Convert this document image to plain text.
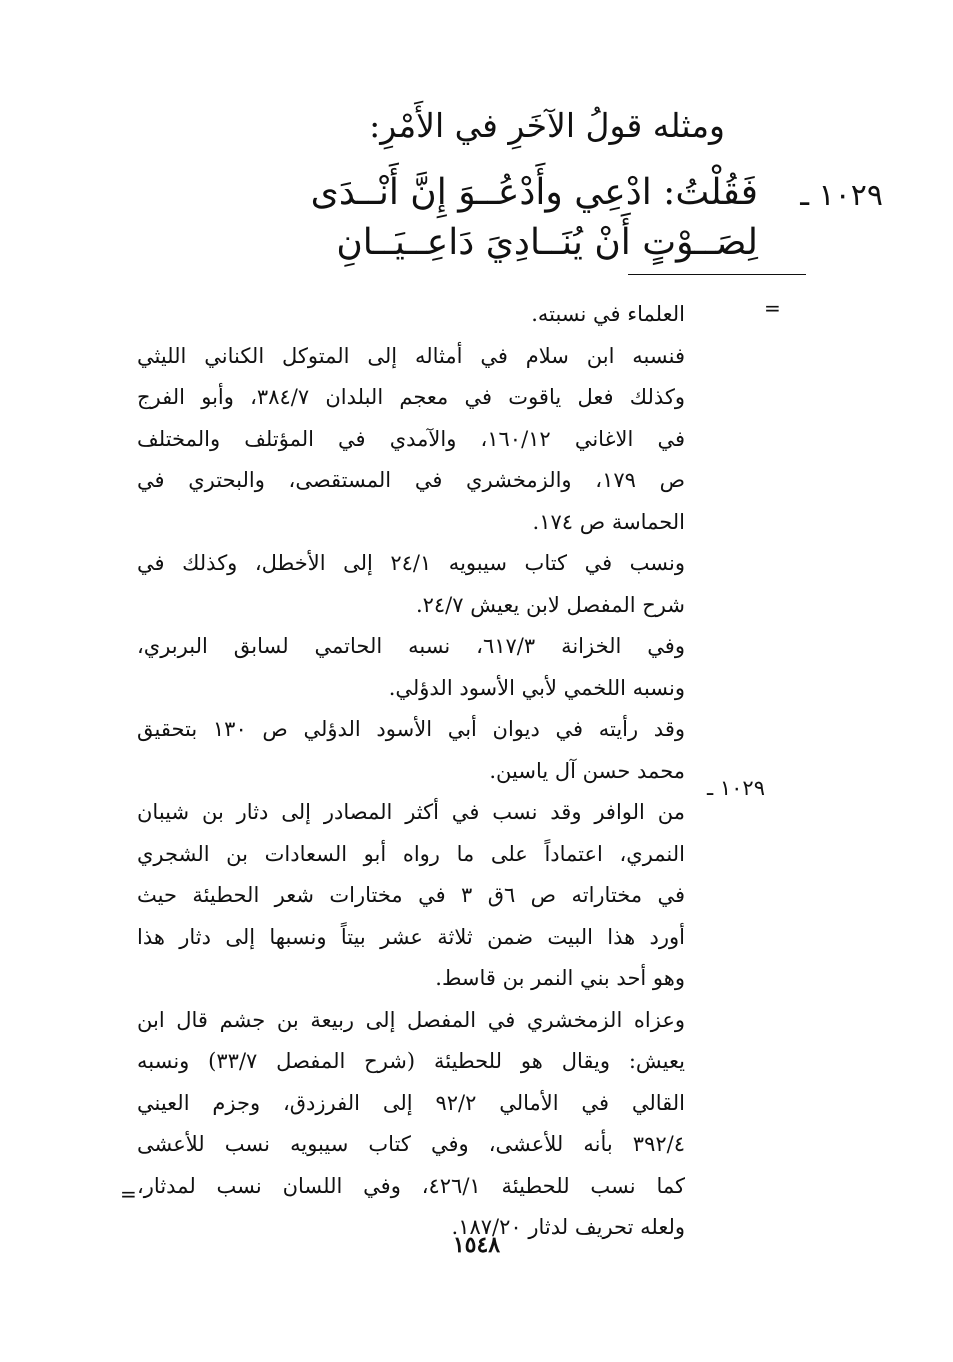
ومثله قولُ الآخَرِ في الأَمْرِ:
١٠٢٩ ـ
فَقُلْتُ: ادْعِي وأَدْعُــوَ إِنَّ أَنْــدَى
لِصَــوْتٍ أَنْ يُنَــادِيَ دَاعِــيَــانِ
=
١٠٢٩ ـ
العلماء في نسبته.
فنسبه ابن سلام في أمثاله إلى المتوكل الكناني الليثي
وكذلك فعل ياقوت في معجم البلدان ٣٨٤/٧، وأبو الفرج
في الاغاني ١٦٠/١٢، والآمدي في المؤتلف والمختلف
ص ١٧٩، والزمخشري في المستقصى، والبحتري في
الحماسة ص ١٧٤.
ونسب في كتاب سيبويه ٢٤/١ إلى الأخطل، وكذلك في
شرح المفصل لابن يعيش ٢٤/٧.
وفي الخزانة ٦١٧/٣، نسبه الحاتمي لسابق البربري،
ونسبه اللخمي لأبي الأسود الدؤلي.
وقد رأيته في ديوان أبي الأسود الدؤلي ص ١٣٠ بتحقيق
محمد حسن آل ياسين.
من الوافر وقد نسب في أكثر المصادر إلى دثار بن شيبان
النمري، اعتماداً على ما رواه أبو السعادات بن الشجري
في مختاراته ص ٦ق ٣ في مختارات شعر الحطيئة حيث
أورد هذا البيت ضمن ثلاثة عشر بيتاً ونسبها إلى دثار هذا
وهو أحد بني النمر بن قاسط.
وعزاه الزمخشري في المفصل إلى ربيعة بن جشم قال ابن
يعيش: ويقال هو للحطيئة (شرح المفصل ٣٣/٧) ونسبه
القالي في الأمالي ٩٢/٢ إلى الفرزدق، وجزم العيني
٣٩٢/٤ بأنه للأعشى، وفي كتاب سيبويه نسب للأعشى
كما نسب للحطيئة ٤٢٦/١، وفي اللسان نسب لمدثار،
ولعله تحريف لدثار ١٨٧/٢٠.
=
١٥٤٨
